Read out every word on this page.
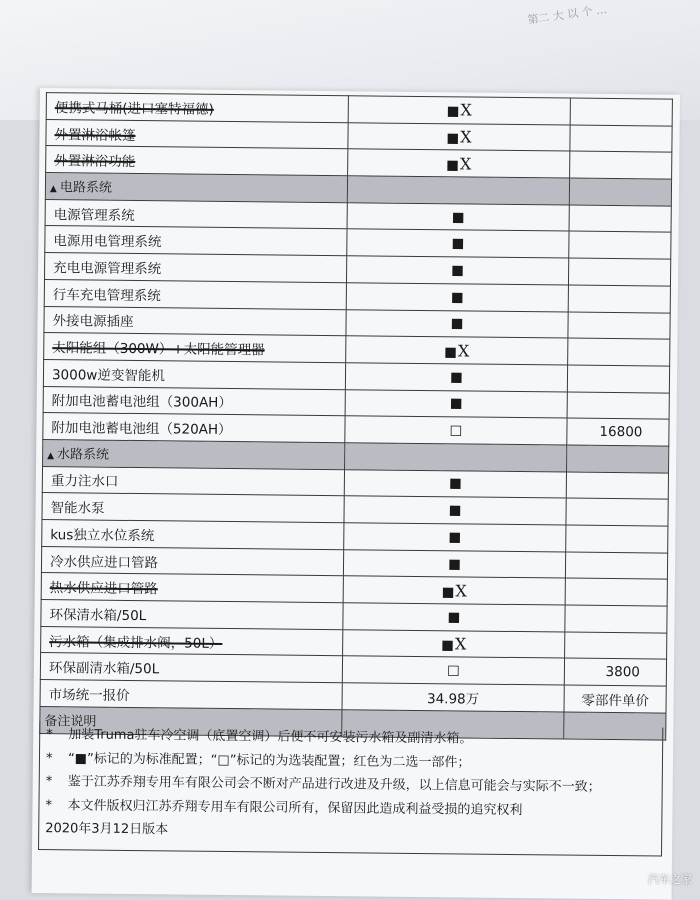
第二 大 以 个 …
便携式马桶(进口塞特福德)	■X	
外置淋浴帐篷	■X	
外置淋浴功能	■X	
▲ 电路系统		
电源管理系统	■	
电源用电管理系统	■	
充电电源管理系统	■	
行车充电管理系统	■	
外接电源插座	■	
太阳能组（300W）+太阳能管理器	■X	
3000w逆变智能机	■	
附加电池蓄电池组（300AH）	■	
附加电池蓄电池组（520AH）	□	16800
▲ 水路系统		
重力注水口	■	
智能水泵	■	
kus独立水位系统	■	
冷水供应进口管路	■	
热水供应进口管路	■X	
环保清水箱/50L	■	
污水箱（集成排水阀，50L）	■X	
环保副清水箱/50L	□	3800
市场统一报价	34.98万	零部件单价
备注说明		
* 加装Truma驻车冷空调（底置空调）后便不可安装污水箱及副清水箱。
* “■”标记的为标准配置；“□”标记的为选装配置；红色为二选一部件；
* 鉴于江苏乔翔专用车有限公司会不断对产品进行改进及升级，以上信息可能会与实际不一致；
* 本文件版权归江苏乔翔专用车有限公司所有，保留因此造成利益受损的追究权利
2020年3月12日版本
汽车之家
